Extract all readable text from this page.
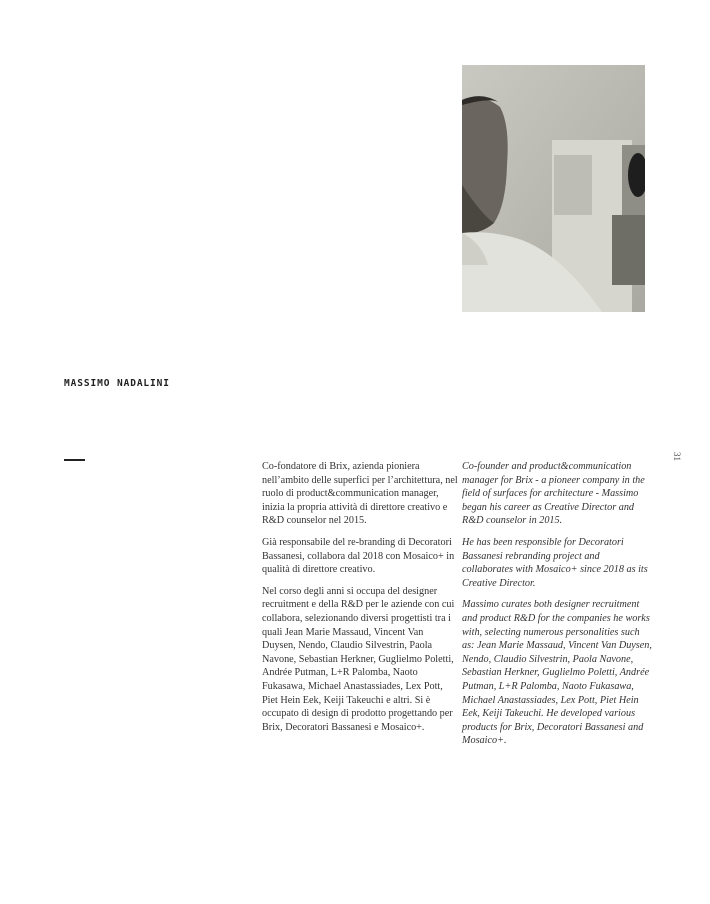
MASSIMO NADALINI
31

Co-fondatore di Brix, azienda pioniera nell’ambito delle superfici per l’architettura, nel ruolo di product&communication manager, inizia la propria attività di direttore creativo e R&D counselor nel 2015.

Già responsabile del re-branding di Decoratori Bassanesi, collabora dal 2018 con Mosaico+ in qualità di direttore creativo.

Nel corso degli anni si occupa del designer recruitment e della R&D per le aziende con cui collabora, selezionando diversi progettisti tra i quali Jean Marie Massaud, Vincent Van Duysen, Nendo, Claudio Silvestrin, Paola Navone, Sebastian Herkner, Guglielmo Poletti, Andrée Putman, L+R Palomba, Naoto Fukasawa, Michael Anastassiades, Lex Pott, Piet Hein Eek, Keiji Takeuchi e altri. Si è occupato di design di prodotto progettando per Brix, Decoratori Bassanesi e Mosaico+.

Co-founder and product&communication manager for Brix - a pioneer company in the field of surfaces for architecture - Massimo began his career as Creative Director and R&D counselor in 2015.

He has been responsible for Decoratori Bassanesi rebranding project and collaborates with Mosaico+ since 2018 as its Creative Director.

Massimo curates both designer recruitment and product R&D for the companies he works with, selecting numerous personalities such as: Jean Marie Massaud, Vincent Van Duysen, Nendo, Claudio Silvestrin, Paola Navone, Sebastian Herkner, Guglielmo Poletti, Andrée Putman, L+R Palomba, Naoto Fukasawa, Michael Anastassiades, Lex Pott, Piet Hein Eek, Keiji Takeuchi. He developed various products for Brix, Decoratori Bassanesi and Mosaico+.
